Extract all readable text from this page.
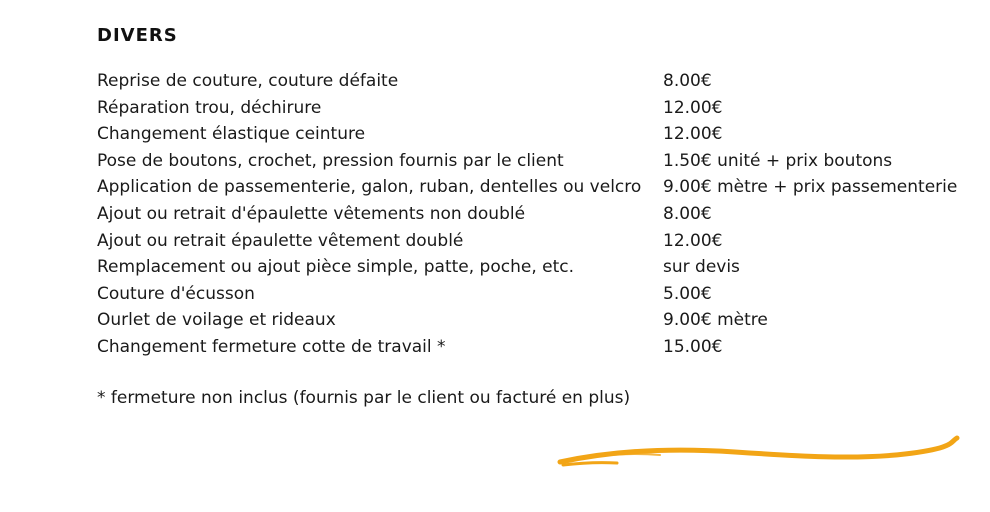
DIVERS
Reprise de couture, couture défaite	8.00€
Réparation trou, déchirure	12.00€
Changement élastique ceinture	12.00€
Pose de boutons, crochet, pression fournis par le client	1.50€ unité + prix boutons
Application de passementerie, galon, ruban, dentelles ou velcro 9.00€ mètre + prix passementerie
Ajout ou retrait d'épaulette vêtements non doublé	8.00€
Ajout ou retrait épaulette vêtement doublé	12.00€
Remplacement ou ajout pièce simple, patte, poche, etc.	sur devis
Couture d'écusson	5.00€
Ourlet de voilage et rideaux	9.00€ mètre
Changement fermeture cotte de travail *	15.00€
* fermeture non inclus (fournis par le client ou facturé en plus)
